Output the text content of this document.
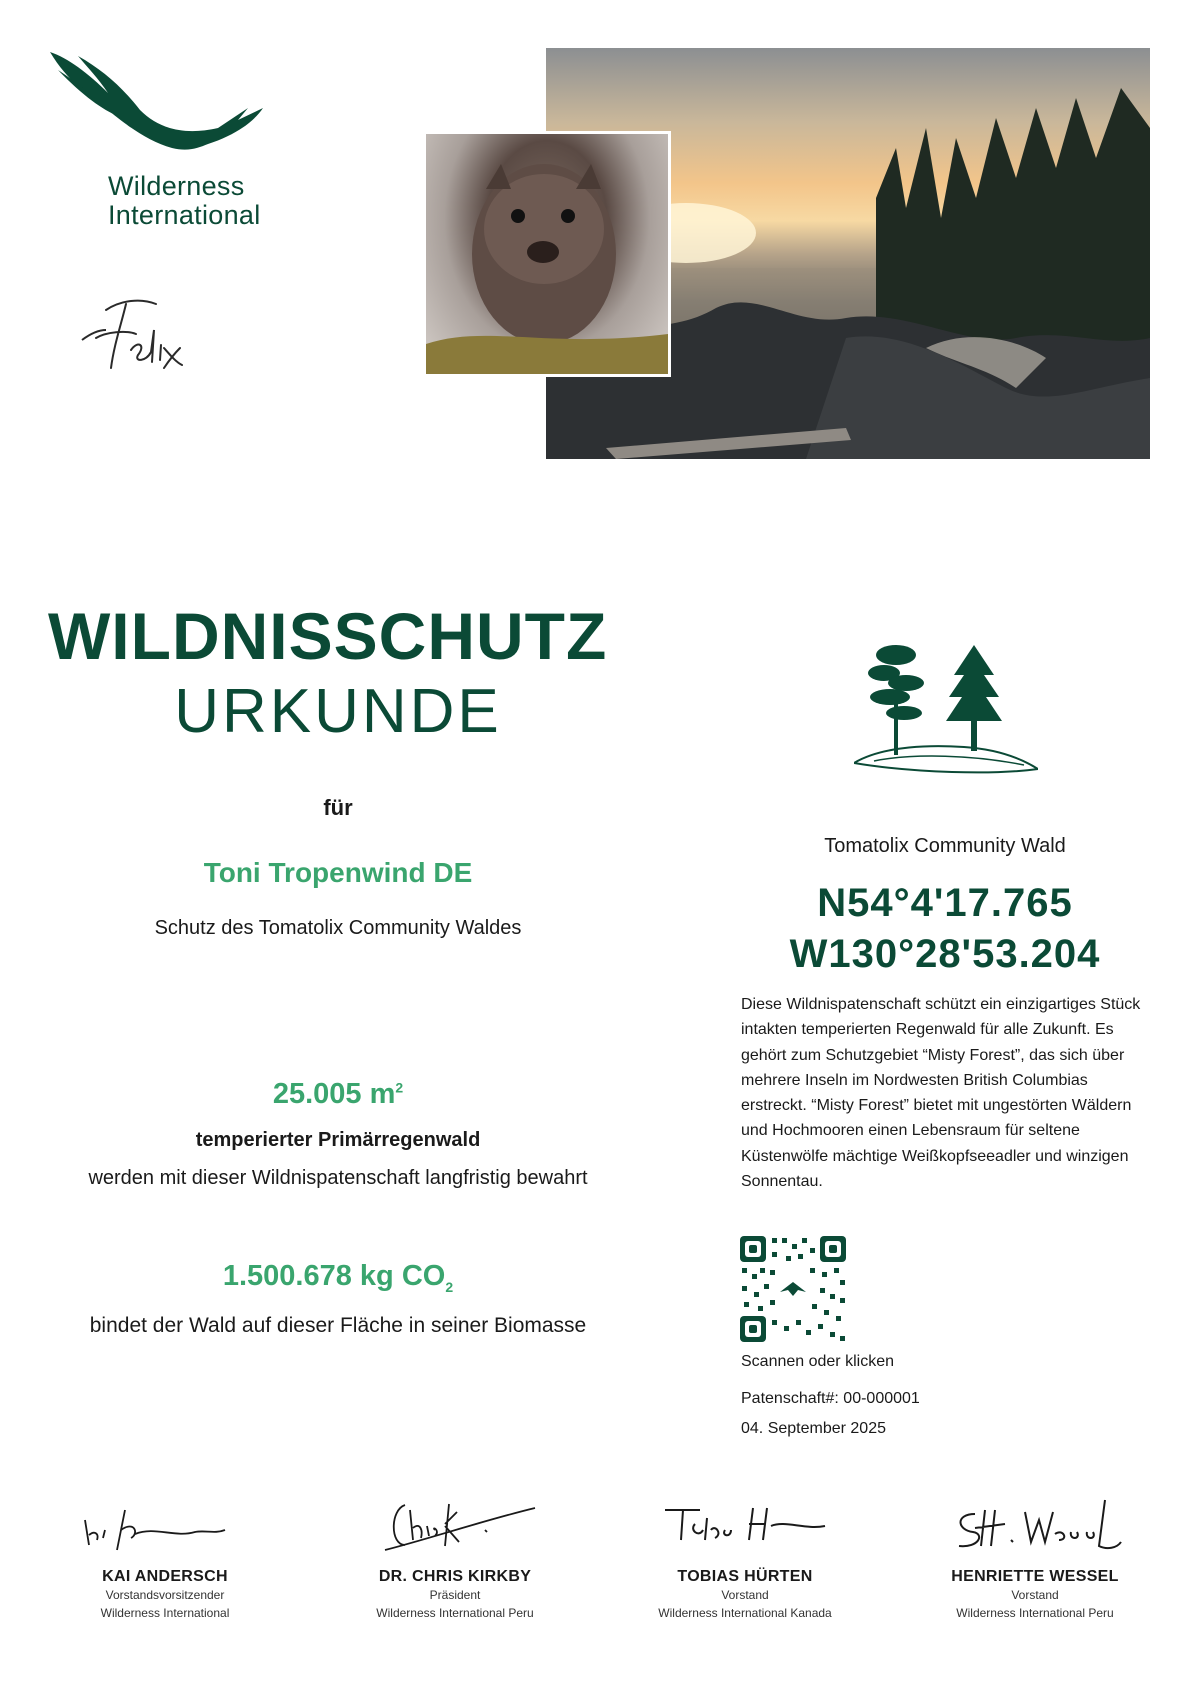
Wilderness
International
WILDNISSCHUTZ
URKUNDE
für
Toni Tropenwind DE
Schutz des Tomatolix Community Waldes
25.005 $m^2$
temperierter Primärregenwald
werden mit dieser Wildnispatenschaft langfristig bewahrt
1.500.678 kg $CO_2$
bindet der Wald auf dieser Fläche in seiner Biomasse
Tomatolix Community Wald
N54°4'17.765
W130°28'53.204
Diese Wildnispatenschaft schützt ein einzigartiges Stück intakten temperierten Regenwald für alle Zukunft. Es gehört zum Schutzgebiet “Misty Forest”, das sich über mehrere Inseln im Nordwesten British Columbias erstreckt. “Misty Forest” bietet mit ungestörten Wäldern und Hochmooren einen Lebensraum für seltene Küstenwölfe mächtige Weißkopfseeadler und winzigen Sonnentau.
Scannen oder klicken
Patenschaft#: 00-000001
04. September 2025
KAI ANDERSCH
Vorstandsvorsitzender
Wilderness International
DR. CHRIS KIRKBY
Präsident
Wilderness International Peru
TOBIAS HÜRTEN
Vorstand
Wilderness International Kanada
HENRIETTE WESSEL
Vorstand
Wilderness International Peru
